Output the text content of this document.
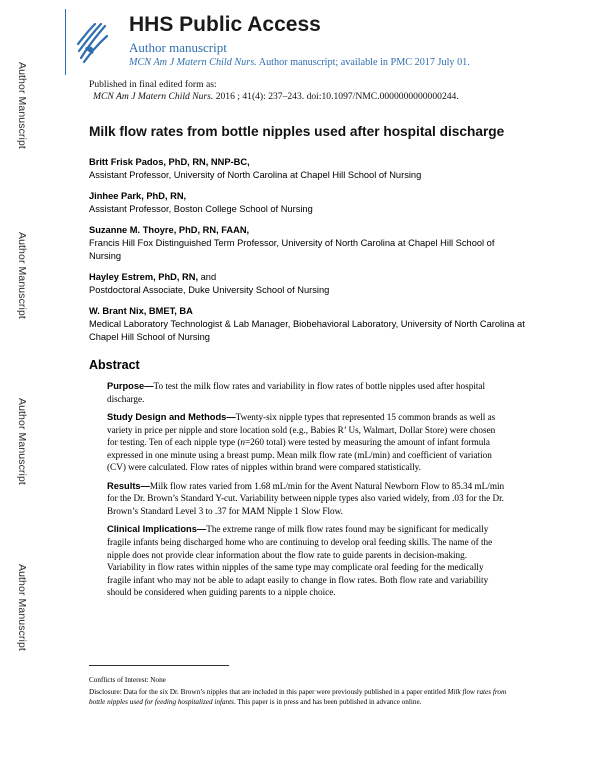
Author Manuscript
Author Manuscript
Author Manuscript
Author Manuscript
HHS Public Access
Author manuscript
MCN Am J Matern Child Nurs. Author manuscript; available in PMC 2017 July 01.
Published in final edited form as:
MCN Am J Matern Child Nurs. 2016 ; 41(4): 237–243. doi:10.1097/NMC.0000000000000244.
Milk flow rates from bottle nipples used after hospital discharge
Britt Frisk Pados, PhD, RN, NNP-BC,
Assistant Professor, University of North Carolina at Chapel Hill School of Nursing
Jinhee Park, PhD, RN,
Assistant Professor, Boston College School of Nursing
Suzanne M. Thoyre, PhD, RN, FAAN,
Francis Hill Fox Distinguished Term Professor, University of North Carolina at Chapel Hill School of Nursing
Hayley Estrem, PhD, RN, and
Postdoctoral Associate, Duke University School of Nursing
W. Brant Nix, BMET, BA
Medical Laboratory Technologist & Lab Manager, Biobehavioral Laboratory, University of North Carolina at Chapel Hill School of Nursing
Abstract
Purpose—To test the milk flow rates and variability in flow rates of bottle nipples used after hospital discharge.
Study Design and Methods—Twenty-six nipple types that represented 15 common brands as well as variety in price per nipple and store location sold (e.g., Babies R’ Us, Walmart, Dollar Store) were chosen for testing. Ten of each nipple type (n=260 total) were tested by measuring the amount of infant formula expressed in one minute using a breast pump. Mean milk flow rate (mL/min) and coefficient of variation (CV) were calculated. Flow rates of nipples within brand were compared statistically.
Results—Milk flow rates varied from 1.68 mL/min for the Avent Natural Newborn Flow to 85.34 mL/min for the Dr. Brown’s Standard Y-cut. Variability between nipple types also varied widely, from .03 for the Dr. Brown’s Standard Level 3 to .37 for MAM Nipple 1 Slow Flow.
Clinical Implications—The extreme range of milk flow rates found may be significant for medically fragile infants being discharged home who are continuing to develop oral feeding skills. The name of the nipple does not provide clear information about the flow rate to guide parents in decision-making. Variability in flow rates within nipples of the same type may complicate oral feeding for the medically fragile infant who may not be able to adapt easily to change in flow rates. Both flow rate and variability should be considered when guiding parents to a nipple choice.

Conflicts of Interest: None

Disclosure: Data for the six Dr. Brown’s nipples that are included in this paper were previously published in a paper entitled Milk flow rates from bottle nipples used for feeding hospitalized infants. This paper is in press and has been published in advance online.
